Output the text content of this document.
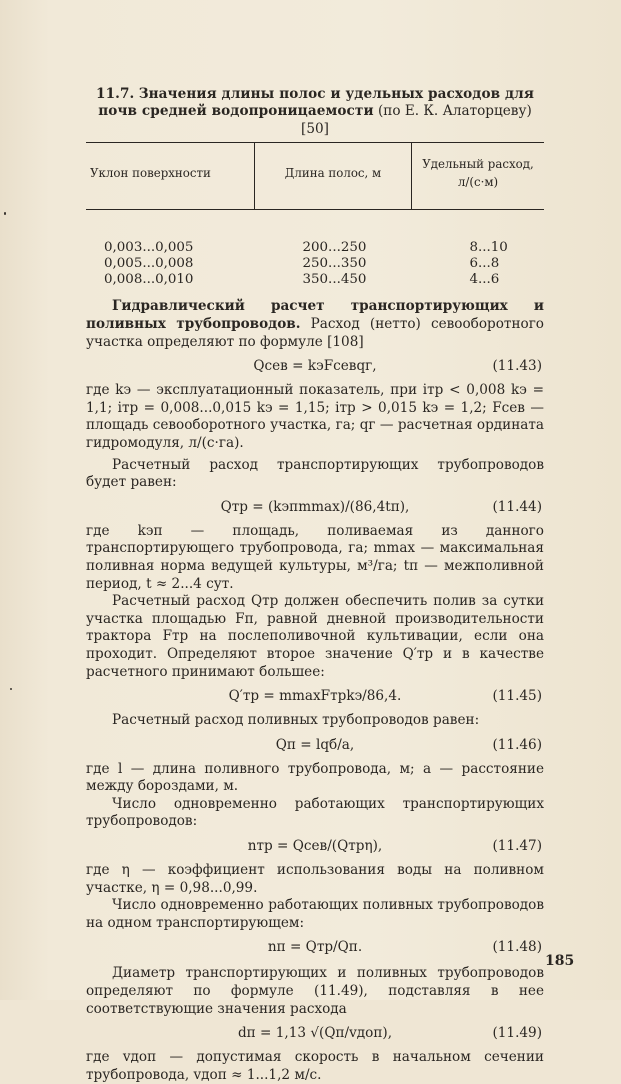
11.7. Значения длины полос и удельных расходов для почв средней водопроницаемости (по Е. К. Алаторцеву) [50]
Уклон поверхности	Длина полос, м	Удельный расход, л/(с·м)
0,003...0,005	200...250	8...10
0,005...0,008	250...350	6...8
0,008...0,010	350...450	4...6

Гидравлический расчет транспортирующих и поливных трубопроводов. Расход (нетто) севооборотного участка определяют по формуле [108]

Qсев = kэFсевqг,	(11.43)

где kэ — эксплуатационный показатель, при iтр < 0,008 kэ = 1,1; iтр = 0,008...0,015 kэ = 1,15; iтр > 0,015 kэ = 1,2; Fсев — площадь севооборотного участка, га; qг — расчетная ордината гидромодуля, л/(с·га).

Расчетный расход транспортирующих трубопроводов будет равен:

Qтр = (kэпmmax)/(86,4tп),	(11.44)

где kэп — площадь, поливаемая из данного транспортирующего трубопровода, га; mmax — максимальная поливная норма ведущей культуры, м³/га; tп — межполивной период, t ≈ 2...4 сут.

Расчетный расход Qтр должен обеспечить полив за сутки участка площадью Fп, равной дневной производительности трактора Fтр на послеполивочной культивации, если она проходит. Определяют второе значение Q′тр и в качестве расчетного принимают большее:

Q′тр = mmaxFтрkэ/86,4.	(11.45)

Расчетный расход поливных трубопроводов равен:

Qп = lqб/a,	(11.46)

где l — длина поливного трубопровода, м; a — расстояние между бороздами, м.

Число одновременно работающих транспортирующих трубопроводов:

nтр = Qсев/(Qтрη),	(11.47)

где η — коэффициент использования воды на поливном участке, η = 0,98...0,99.

Число одновременно работающих поливных трубопроводов на одном транспортирующем:

nп = Qтр/Qп.	(11.48)

Диаметр транспортирующих и поливных трубопроводов определяют по формуле (11.49), подставляя в нее соответствующие значения расхода

dп = 1,13 √(Qп/vдоп),	(11.49)

где vдоп — допустимая скорость в начальном сечении трубопровода, vдоп ≈ 1...1,2 м/с.

185
